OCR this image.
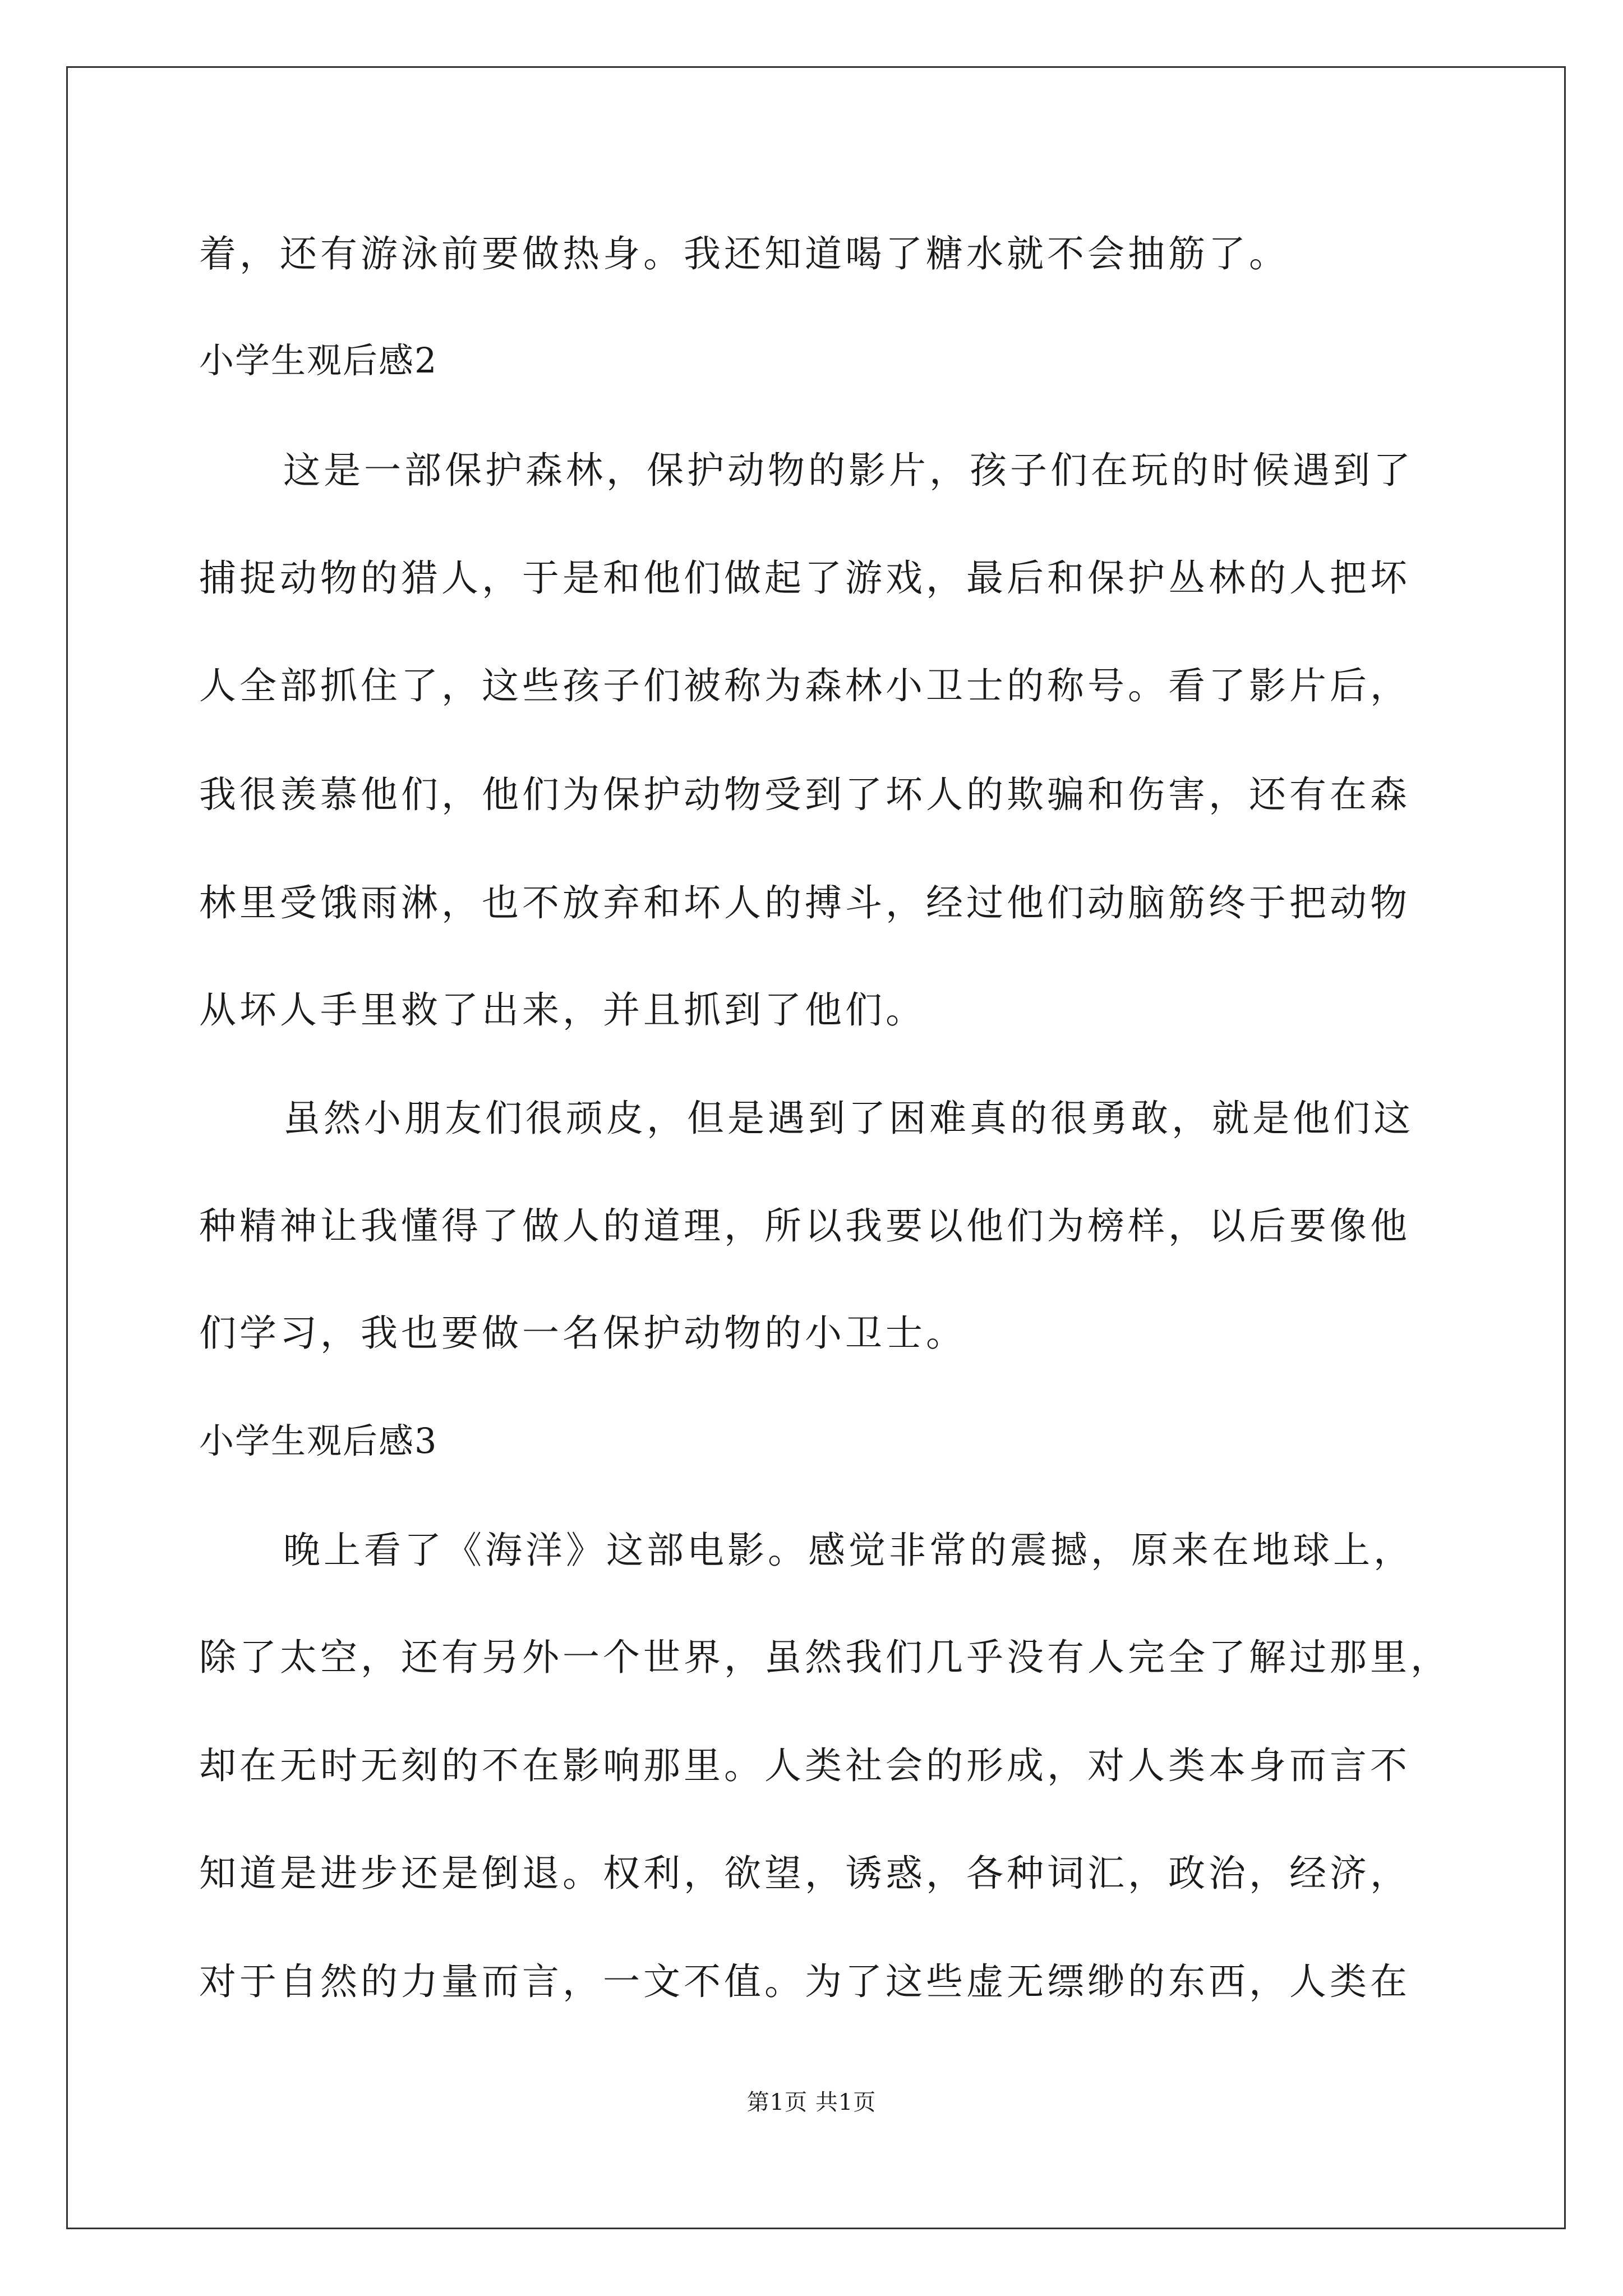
着，还有游泳前要做热身。我还知道喝了糖水就不会抽筋了。
小学生观后感2
这是一部保护森林，保护动物的影片，孩子们在玩的时候遇到了
捕捉动物的猎人，于是和他们做起了游戏，最后和保护丛林的人把坏
人全部抓住了，这些孩子们被称为森林小卫士的称号。看了影片后，
我很羡慕他们，他们为保护动物受到了坏人的欺骗和伤害，还有在森
林里受饿雨淋，也不放弃和坏人的搏斗，经过他们动脑筋终于把动物
从坏人手里救了出来，并且抓到了他们。
虽然小朋友们很顽皮，但是遇到了困难真的很勇敢，就是他们这
种精神让我懂得了做人的道理，所以我要以他们为榜样，以后要像他
们学习，我也要做一名保护动物的小卫士。
小学生观后感3
晚上看了《海洋》这部电影。感觉非常的震撼，原来在地球上，
除了太空，还有另外一个世界，虽然我们几乎没有人完全了解过那里，
却在无时无刻的不在影响那里。人类社会的形成，对人类本身而言不
知道是进步还是倒退。权利，欲望，诱惑，各种词汇，政治，经济，
对于自然的力量而言，一文不值。为了这些虚无缥缈的东西，人类在
第1页 共1页
